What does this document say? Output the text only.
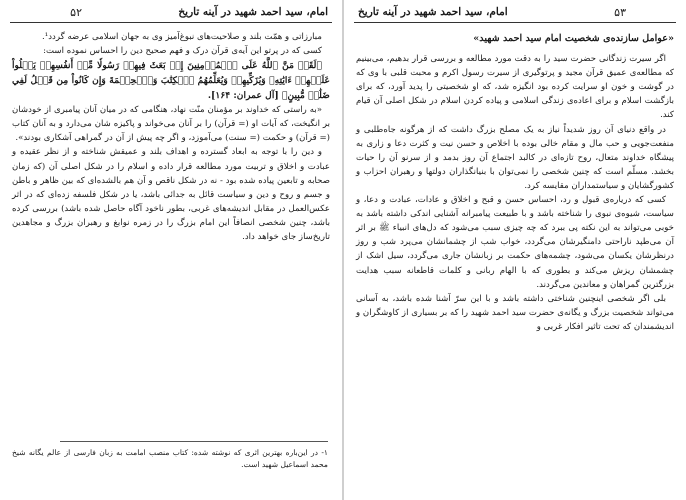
امام، سید احمد شهید در آینه تاریخ
۵۲

مبارزاتی و همّت بلند و صلاحیت‌های نبوغ‌آمیز وی به جهان اسلامی عرضه گردد¹.

کسی که در پرتو این آیه‌ی قرآن درک و فهم صحیح دین را احساس نموده است:

﴿لَقَدۡ مَنَّ ٱللَّهُ عَلَى ٱلۡمُؤۡمِنِينَ إِذۡ بَعَثَ فِيهِمۡ رَسُولٗا مِّنۡ أَنفُسِهِمۡ يَتۡلُواْ عَلَيۡهِمۡ ءَايَٰتِهِۦ وَيُزَكِّيهِمۡ وَيُعَلِّمُهُمُ ٱلۡكِتَٰبَ وَٱلۡحِكۡمَةَ وَإِن كَانُواْ مِن قَبۡلُ لَفِي ضَلَٰلٖ مُّبِينٍ﴾ [آل عمران: ۱۶۴].

«به راستی که خداوند بر مؤمنان منّت نهاد، هنگامی که در میان آنان پیامبری از خودشان بر انگیخت، که آیات او (= قرآن) را بر آنان می‌خواند و پاکیزه شان می‌دارد و به آنان کتاب (= قرآن) و حکمت (= سنت) می‌آموزد، و اگر چه پیش از آن در گمراهی آشکاری بودند».

و دین را با توجه به ابعاد گسترده و اهداف بلند و عمیقش شناخته و از نظر عقیده و عبادت و اخلاق و تربیت مورد مطالعه قرار داده و اسلام را در شکل اصلی آن (که زمان صحابه و تابعین پیاده شده بود - نه در شکل ناقص و آن هم بالشده‌ای که بین ظاهر و باطن و جسم و روح و دین و سیاست قائل به جدائی باشد، یا در شکل فلسفه زده‌ای که در اثر عکس‌العمل در مقابل اندیشه‌های غربی، بطور ناخود آگاه حاصل شده باشد) بررسی کرده باشد، چنین شخصی انصافاً این امام بزرگ را در زمره نوابغ و رهبران بزرگ و مجاهدین تاریخ‌ساز جای خواهد داد.

۱- در این‌باره بهترین اثری که نوشته شده: کتاب منصب امامت به زبان فارسی از عالم یگانه شیخ محمد اسماعیل شهید است.
امام، سید احمد شهید در آینه تاریخ	۵۳
«عوامل سازنده‌ی شخصیت امام سید احمد شهید»

اگر سیرت زندگانی حضرت سید را به دقت مورد مطالعه و بررسی قرار بدهیم، می‌بینیم که مطالعه‌ی عمیق قرآن مجید و پرتوگیری از سیرت رسول اکرم و محبت قلبی با وی که در گوشت و خون او سرایت کرده بود انگیزه شد، که او شخصیتی را پدید آورد، که برای بازگشت اسلام و برای اعاده‌ی زندگی اسلامی و پیاده کردن اسلام در شکل اصلی آن قیام کند.

در واقع دنیای آن روز شدیداً نیاز به یک مصلح بزرگ داشت که از هرگونه جاه‌طلبی و منفعت‌جویی و حب مال و مقام خالی بوده با اخلاص و حسن نیت و کثرت دعا و زاری به پیشگاه خداوند متعال، روح تازه‌ای در کالبد اجتماع آن روز بدمد و از سرنو آن را حیات بخشد. مسلّم است که چنین شخصی را نمی‌توان با بنیانگذاران دولتها و رهبران احزاب و کشورگشایان و سیاستمداران مقایسه کرد.

کسی که دریاره‌ی قبول و رد، احساس حسن و قبح و اخلاق و عادات، عبادت و دعا، و سیاست، شیوه‌ی نبوی را شناخته باشد و با طبیعت پیامبرانه آشنایی اندکی داشته باشد به خوبی می‌تواند به این نکته پی ببرد که چه چیزی سبب می‌شود که دل‌های انبیاء ﷺ بر اثر آن می‌طپد ناراحتی دامنگیرشان می‌گردد، خواب شب از چشمانشان می‌پرد شب و روز درنظرشان یکسان می‌شود، چشمه‌های حکمت بر زبانشان جاری می‌گردد، سیل اشک از چشمشان ریزش می‌کند و بطوری که با الهام ربانی و کلمات قاطعانه سبب هدایت بزرگترین گمراهان و معاندین می‌گردند.

بلی اگر شخصی اینچنین شناختی داشته باشد و با این سرّ آشنا شده باشد، به آسانی می‌تواند شخصیت بزرگ و یگانه‌ی حضرت سید احمد شهید را که بر بسیاری از کاوشگران و اندیشمندان که تحت تاثیر افکار غربی و
